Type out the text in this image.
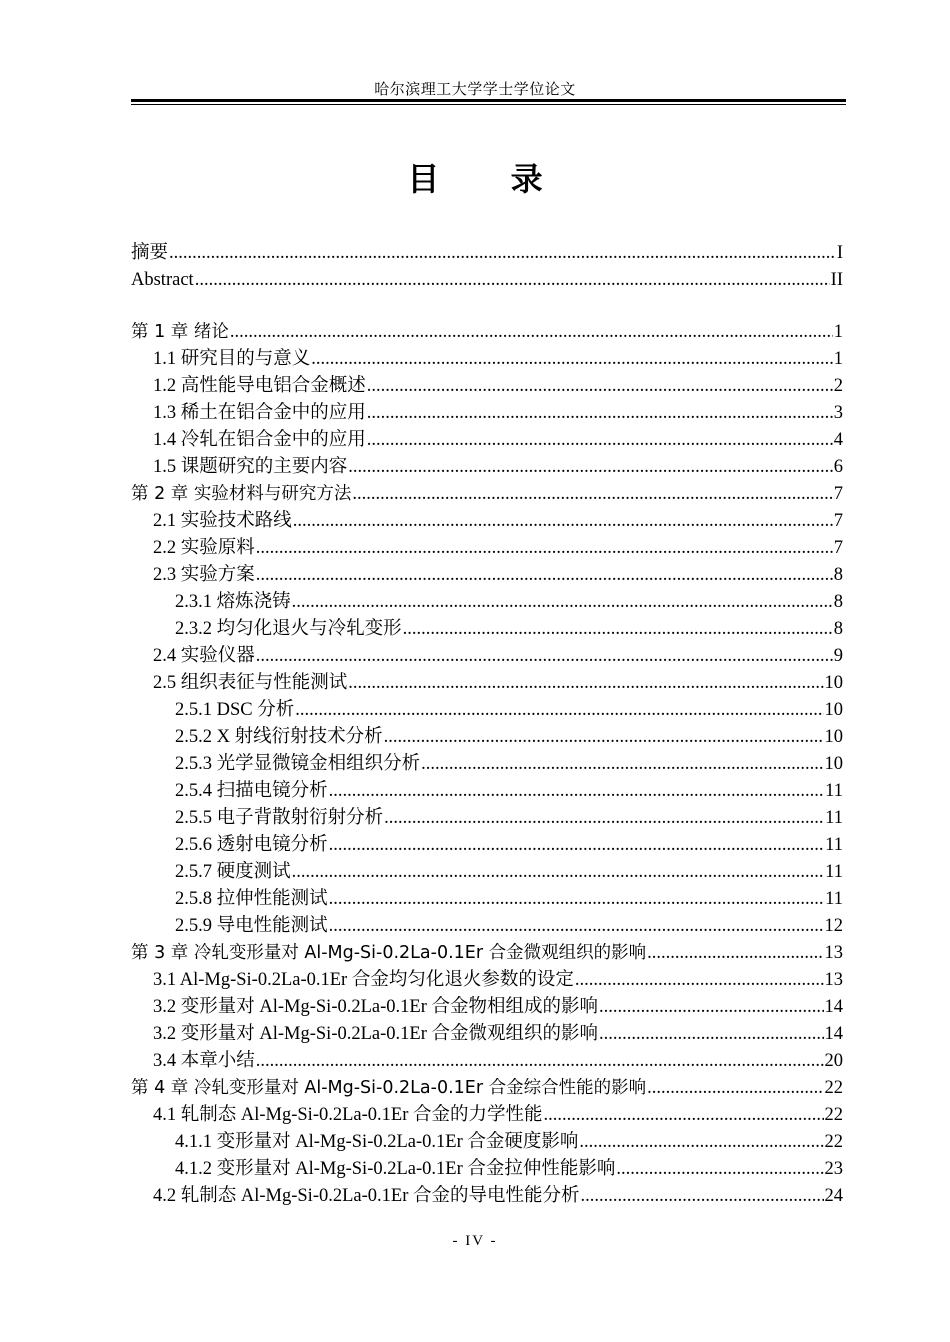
哈尔滨理工大学学士学位论文
目 录
摘要 .....	I
Abstract .....	II
第 1 章 绪论 .....	1
1.1 研究目的与意义 .....	1
1.2 高性能导电铝合金概述 .....	2
1.3 稀土在铝合金中的应用 .....	3
1.4 冷轧在铝合金中的应用 .....	4
1.5 课题研究的主要内容 .....	6
第 2 章 实验材料与研究方法 .....	7
2.1 实验技术路线 .....	7
2.2 实验原料 .....	7
2.3 实验方案 .....	8
2.3.1 熔炼浇铸 .....	8
2.3.2 均匀化退火与冷轧变形 .....	8
2.4 实验仪器 .....	9
2.5 组织表征与性能测试 .....	10
2.5.1 DSC 分析 .....	10
2.5.2 X 射线衍射技术分析 .....	10
2.5.3 光学显微镜金相组织分析 .....	10
2.5.4 扫描电镜分析 .....	11
2.5.5 电子背散射衍射分析 .....	11
2.5.6 透射电镜分析 .....	11
2.5.7 硬度测试 .....	11
2.5.8 拉伸性能测试 .....	11
2.5.9 导电性能测试 .....	12
第 3 章 冷轧变形量对 Al-Mg-Si-0.2La-0.1Er 合金微观组织的影响 .....	13
3.1 Al-Mg-Si-0.2La-0.1Er 合金均匀化退火参数的设定 .....	13
3.2 变形量对 Al-Mg-Si-0.2La-0.1Er 合金物相组成的影响 .....	14
3.2 变形量对 Al-Mg-Si-0.2La-0.1Er 合金微观组织的影响 .....	14
3.4 本章小结 .....	20
第 4 章 冷轧变形量对 Al-Mg-Si-0.2La-0.1Er 合金综合性能的影响 .....	22
4.1 轧制态 Al-Mg-Si-0.2La-0.1Er 合金的力学性能 .....	22
4.1.1 变形量对 Al-Mg-Si-0.2La-0.1Er 合金硬度影响 .....	22
4.1.2 变形量对 Al-Mg-Si-0.2La-0.1Er 合金拉伸性能影响 .....	23
4.2 轧制态 Al-Mg-Si-0.2La-0.1Er 合金的导电性能分析 .....	24
- IV -
